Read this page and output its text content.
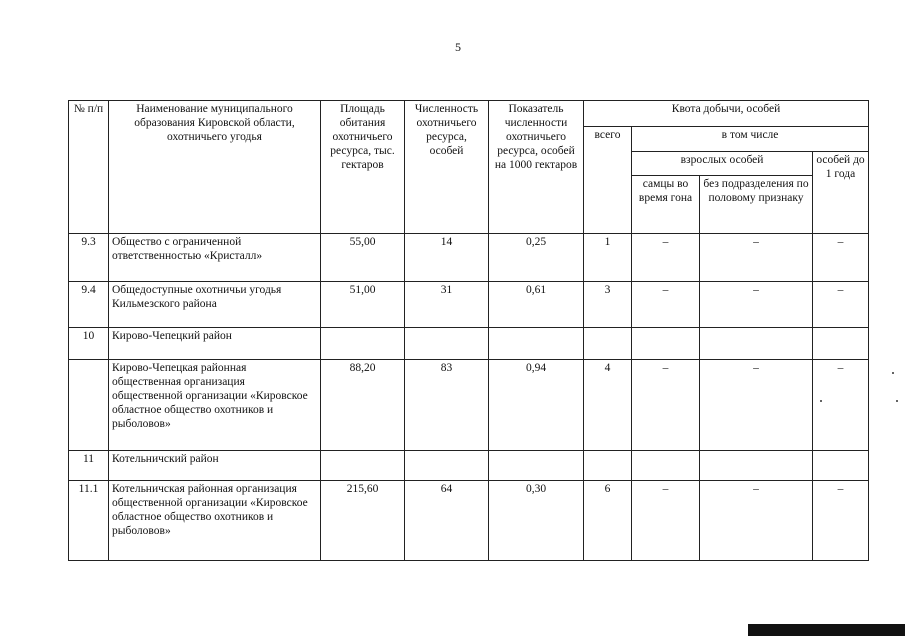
5
№ п/п	Наименование муниципального образования Кировской области, охотничьего угодья	Площадь обитания охотничьего ресурса, тыс. гектаров	Численность охотничьего ресурса, особей	Показатель численности охотничьего ресурса, особей на 1000 гектаров	Квота добычи, особей			
					всего	в том числе		
						взрослых особей		особей до 1 года
						самцы во время гона	без подразделения по половому признаку	
9.3	Общество с ограниченной ответственностью «Кристалл»	55,00	14	0,25	1	–	–	–
9.4	Общедоступные охотничьи угодья Кильмезского района	51,00	31	0,61	3	–	–	–
10	Кирово-Чепецкий район							
	Кирово-Чепецкая районная общественная организация общественной организации «Кировское областное общество охотников и рыболовов»	88,20	83	0,94	4	–	–	–
11	Котельничский район							
11.1	Котельничская районная организация общественной организации «Кировское областное общество охотников и рыболовов»	215,60	64	0,30	6	–	–	–
